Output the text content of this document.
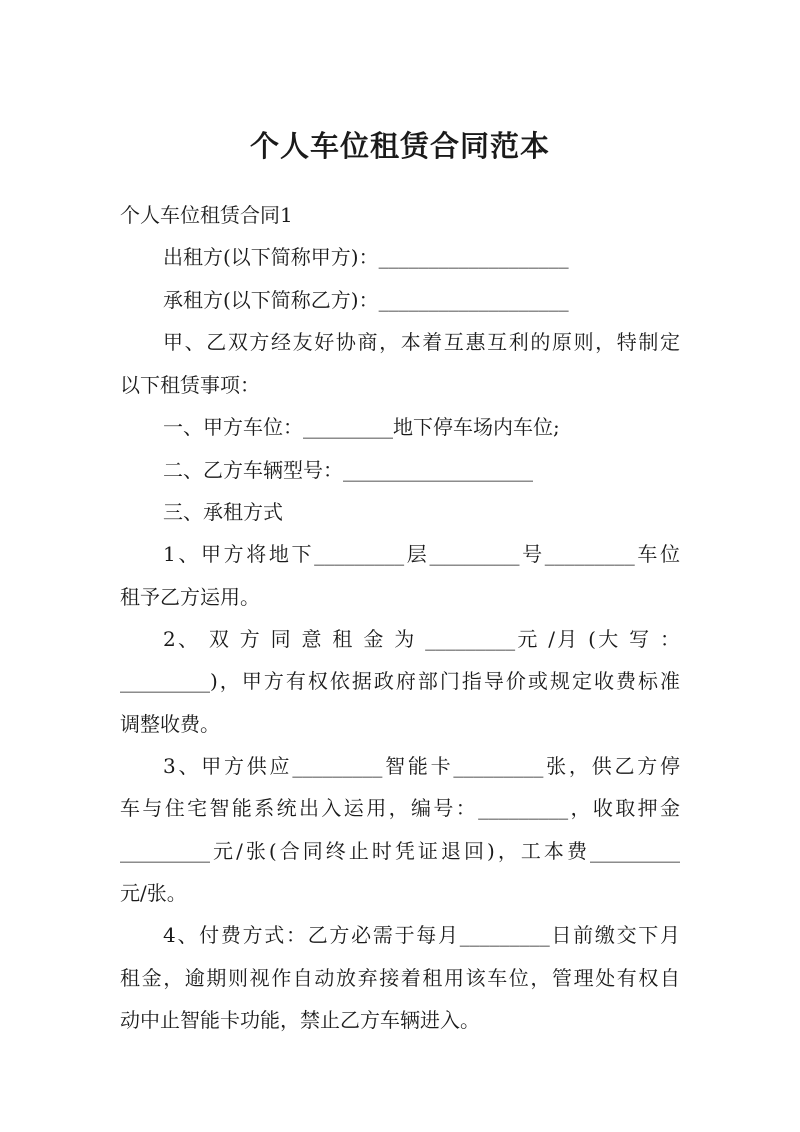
个人车位租赁合同范本

个人车位租赁合同1

出租方(以下简称甲方)：___________________

承租方(以下简称乙方)：___________________

甲、乙双方经友好协商，本着互惠互利的原则，特制定

以下租赁事项：

一、甲方车位：_________地下停车场内车位;

二、乙方车辆型号：___________________

三、承租方式

1、甲方将地下_________层_________号_________车位

租予乙方运用。

2、 双 方 同 意 租 金 为 _________元 /月 (大 写 ：

_________)，甲方有权依据政府部门指导价或规定收费标准

调整收费。

3、甲方供应_________智能卡_________张，供乙方停

车与住宅智能系统出入运用，编号：_________，收取押金

_________元/张(合同终止时凭证退回)，工本费_________

元/张。

4、付费方式：乙方必需于每月_________日前缴交下月

租金，逾期则视作自动放弃接着租用该车位，管理处有权自

动中止智能卡功能，禁止乙方车辆进入。
